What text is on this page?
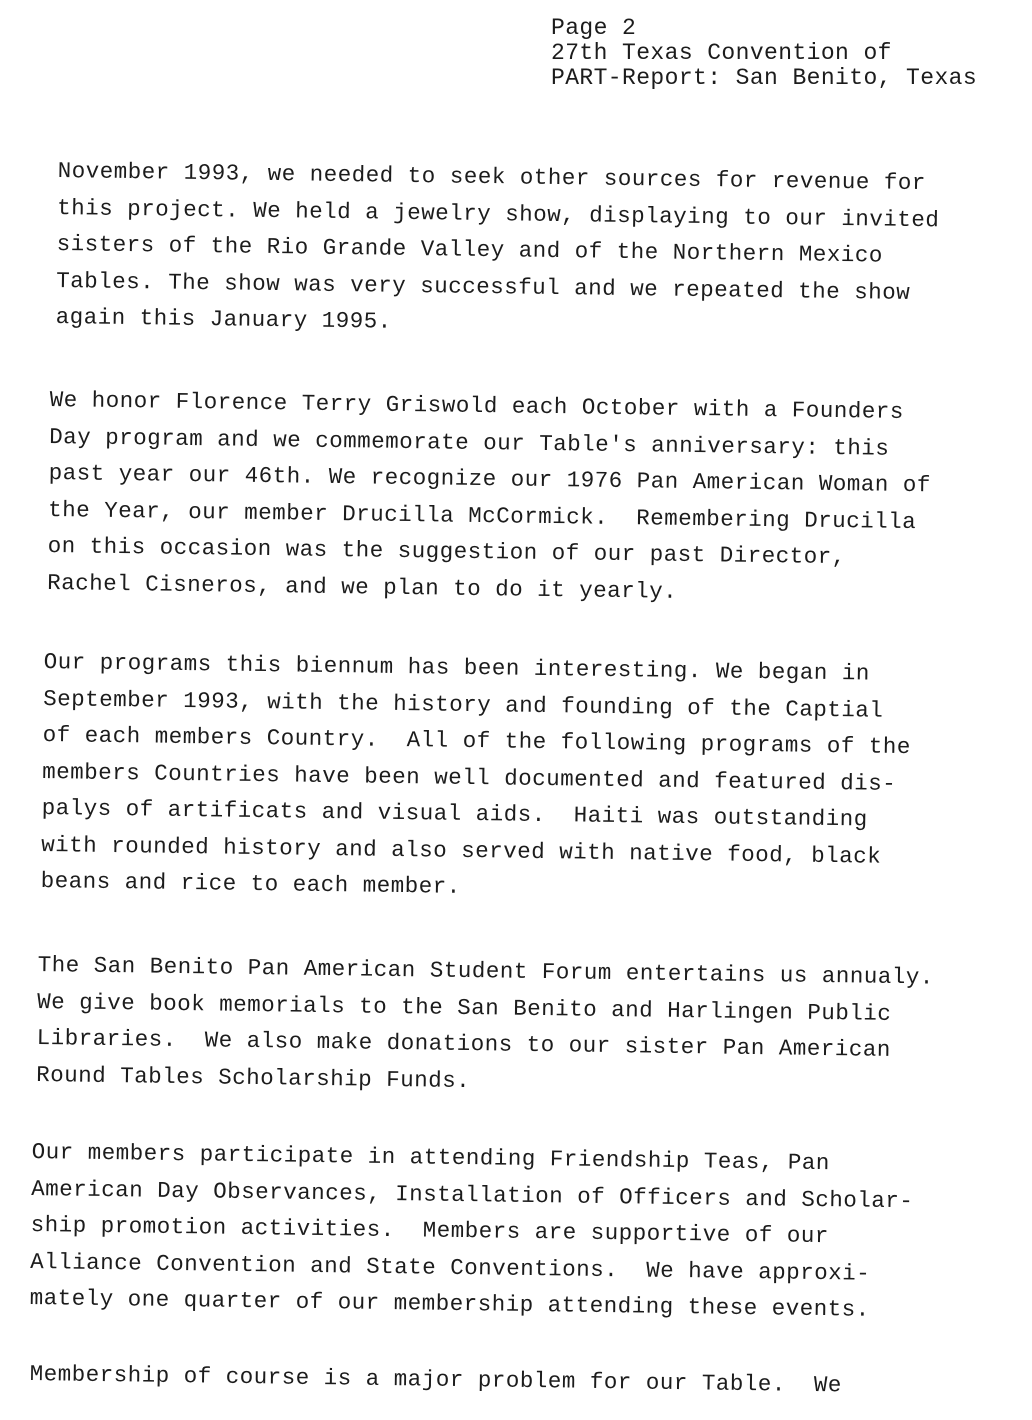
Page 2
27th Texas Convention of
PART-Report: San Benito, Texas
November 1993, we needed to seek other sources for revenue for
this project. We held a jewelry show, displaying to our invited
sisters of the Rio Grande Valley and of the Northern Mexico
Tables. The show was very successful and we repeated the show
again this January 1995.
We honor Florence Terry Griswold each October with a Founders
Day program and we commemorate our Table's anniversary: this
past year our 46th. We recognize our 1976 Pan American Woman of
the Year, our member Drucilla McCormick.  Remembering Drucilla
on this occasion was the suggestion of our past Director,
Rachel Cisneros, and we plan to do it yearly.
Our programs this biennum has been interesting. We began in
September 1993, with the history and founding of the Captial
of each members Country.  All of the following programs of the
members Countries have been well documented and featured dis-
palys of artificats and visual aids.  Haiti was outstanding
with rounded history and also served with native food, black
beans and rice to each member.
The San Benito Pan American Student Forum entertains us annualy.
We give book memorials to the San Benito and Harlingen Public
Libraries.  We also make donations to our sister Pan American
Round Tables Scholarship Funds.
Our members participate in attending Friendship Teas, Pan
American Day Observances, Installation of Officers and Scholar-
ship promotion activities.  Members are supportive of our
Alliance Convention and State Conventions.  We have approxi-
mately one quarter of our membership attending these events.
Membership of course is a major problem for our Table.  We
